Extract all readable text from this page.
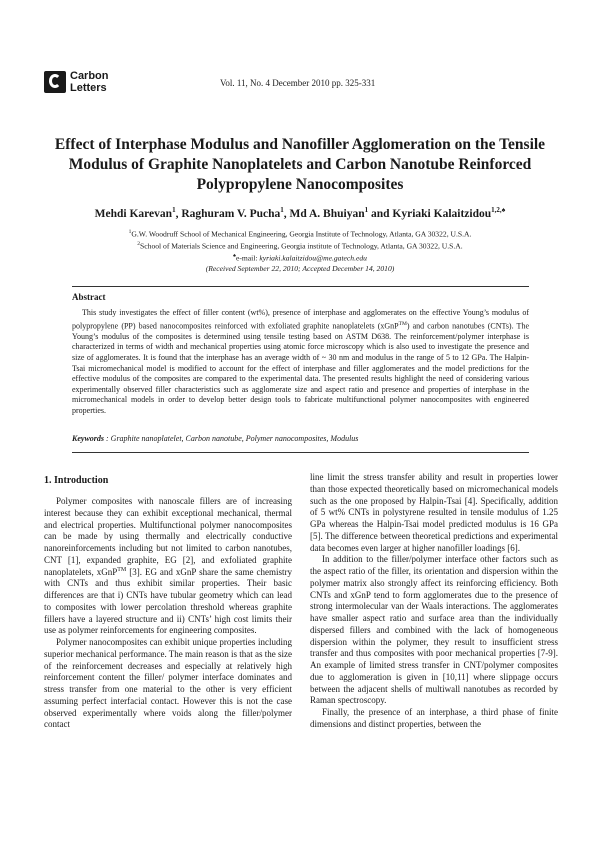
Carbon
Letters	Vol. 11, No. 4 December 2010 pp. 325-331
Effect of Interphase Modulus and Nanofiller Agglomeration on the Tensile Modulus of Graphite Nanoplatelets and Carbon Nanotube Reinforced Polypropylene Nanocomposites
Mehdi Karevan$^1$, Raghuram V. Pucha$^1$, Md A. Bhuiyan$^1$ and Kyriaki Kalaitzidou$^{1,2,♠}$
$^1$G.W. Woodruff School of Mechanical Engineering, Georgia Institute of Technology, Atlanta, GA 30322, U.S.A.
$^2$School of Materials Science and Engineering, Georgia institute of Technology, Atlanta, GA 30322, U.S.A.
♠e-mail: kyriaki.kalaitzidou@me.gatech.edu
(Received September 22, 2010; Accepted December 14, 2010)
Abstract
This study investigates the effect of filler content (wt%), presence of interphase and agglomerates on the effective Young’s modulus of polypropylene (PP) based nanocomposites reinforced with exfoliated graphite nanoplatelets (xGnP™) and carbon nanotubes (CNTs). The Young’s modulus of the composites is determined using tensile testing based on ASTM D638. The reinforcement/polymer interphase is characterized in terms of width and mechanical properties using atomic force microscopy which is also used to investigate the presence and size of agglomerates. It is found that the interphase has an average width of ~ 30 nm and modulus in the range of 5 to 12 GPa. The Halpin-Tsai micromechanical model is modified to account for the effect of interphase and filler agglomerates and the model predictions for the effective modulus of the composites are compared to the experimental data. The presented results highlight the need of considering various experimentally observed filler characteristics such as agglomerate size and aspect ratio and presence and properties of interphase in the micromechanical models in order to develop better design tools to fabricate multifunctional polymer nanocomposites with engineered properties.
Keywords : Graphite nanoplatelet, Carbon nanotube, Polymer nanocomposites, Modulus
1. Introduction

Polymer composites with nanoscale fillers are of increasing interest because they can exhibit exceptional mechanical, thermal and electrical properties. Multifunctional polymer nanocomposites can be made by using thermally and electrically conductive nanoreinforcements including but not limited to carbon nanotubes, CNT [1], expanded graphite, EG [2], and exfoliated graphite nanoplatelets, xGnP™ [3]. EG and xGnP share the same chemistry with CNTs and thus exhibit similar properties. Their basic differences are that i) CNTs have tubular geometry which can lead to composites with lower percolation threshold whereas graphite fillers have a layered structure and ii) CNTs’ high cost limits their use as polymer reinforcements for engineering composites.

Polymer nanocomposites can exhibit unique properties including superior mechanical performance. The main reason is that as the size of the reinforcement decreases and especially at relatively high reinforcement content the filler/ polymer interface dominates and stress transfer from one material to the other is very efficient assuming perfect interfacial contact. However this is not the case observed experimentally where voids along the filler/polymer contact

line limit the stress transfer ability and result in properties lower than those expected theoretically based on micromechanical models such as the one proposed by Halpin-Tsai [4]. Specifically, addition of 5 wt% CNTs in polystyrene resulted in tensile modulus of 1.25 GPa whereas the Halpin-Tsai model predicted modulus is 16 GPa [5]. The difference between theoretical predictions and experimental data becomes even larger at higher nanofiller loadings [6].

In addition to the filler/polymer interface other factors such as the aspect ratio of the filler, its orientation and dispersion within the polymer matrix also strongly affect its reinforcing efficiency. Both CNTs and xGnP tend to form agglomerates due to the presence of strong intermolecular van der Waals interactions. The agglomerates have smaller aspect ratio and surface area than the individually dispersed fillers and combined with the lack of homogeneous dispersion within the polymer, they result to insufficient stress transfer and thus composites with poor mechanical properties [7-9]. An example of limited stress transfer in CNT/polymer composites due to agglomeration is given in [10,11] where slippage occurs between the adjacent shells of multiwall nanotubes as recorded by Raman spectroscopy.

Finally, the presence of an interphase, a third phase of finite dimensions and distinct properties, between the
